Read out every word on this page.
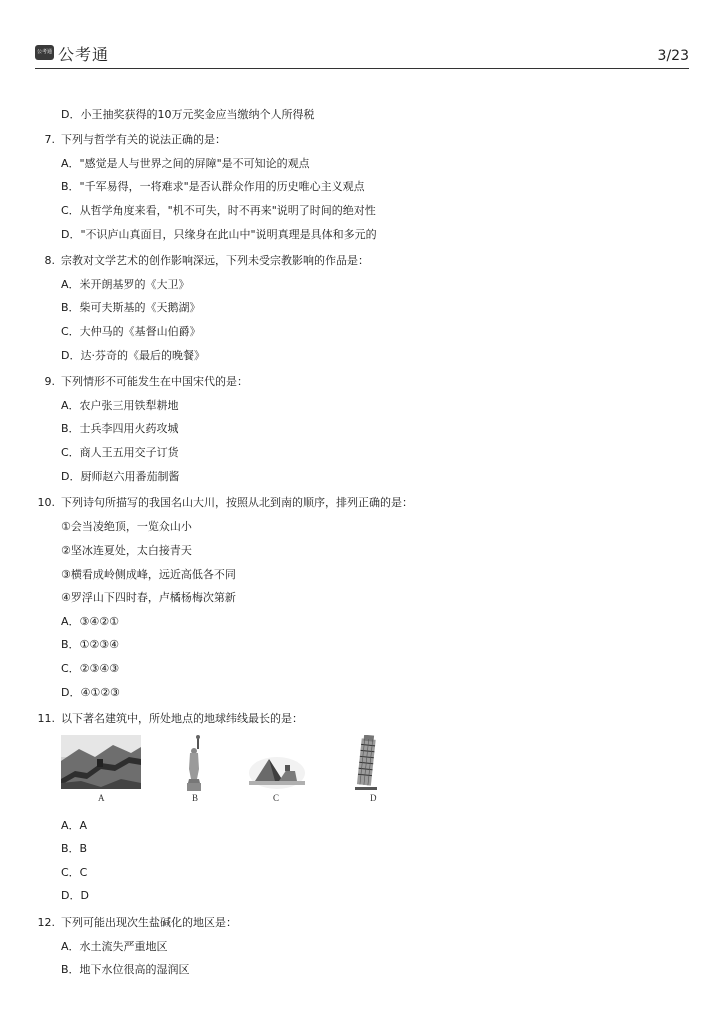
公考通 公考通	3/23
D．小王抽奖获得的10万元奖金应当缴纳个人所得税
7. 下列与哲学有关的说法正确的是：
A．"感觉是人与世界之间的屏障"是不可知论的观点
B．"千军易得，一将难求"是否认群众作用的历史唯心主义观点
C．从哲学角度来看，"机不可失，时不再来"说明了时间的绝对性
D．"不识庐山真面目，只缘身在此山中"说明真理是具体和多元的
8. 宗教对文学艺术的创作影响深远，下列未受宗教影响的作品是：
A．米开朗基罗的《大卫》
B．柴可夫斯基的《天鹅湖》
C．大仲马的《基督山伯爵》
D．达·芬奇的《最后的晚餐》
9. 下列情形不可能发生在中国宋代的是：
A．农户张三用铁犁耕地
B．士兵李四用火药攻城
C．商人王五用交子订货
D．厨师赵六用番茄制酱
10. 下列诗句所描写的我国名山大川，按照从北到南的顺序，排列正确的是：
①会当凌绝顶，一览众山小
②坚冰连夏处，太白接青天
③横看成岭侧成峰，远近高低各不同
④罗浮山下四时春，卢橘杨梅次第新
A．③④②①
B．①②③④
C．②③④③
D．④①②③
11. 以下著名建筑中，所处地点的地球纬线最长的是：
A	B	C	D
A．A
B．B
C．C
D．D
12. 下列可能出现次生盐碱化的地区是：
A．水土流失严重地区
B．地下水位很高的湿润区
